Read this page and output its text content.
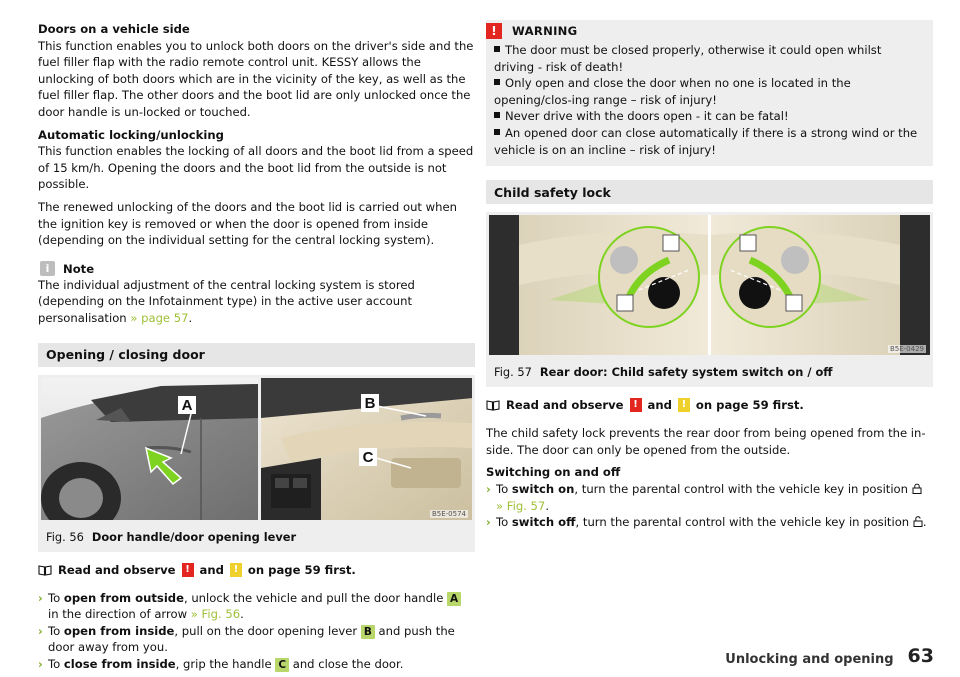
Doors on a vehicle side
This function enables you to unlock both doors on the driver's side and the fuel filler flap with the radio remote control unit. KESSY allows the unlocking of both doors which are in the vicinity of the key, as well as the fuel filler flap. The other doors and the boot lid are only unlocked once the door handle is un-locked or touched.

Automatic locking/unlocking
This function enables the locking of all doors and the boot lid from a speed of 15 km/h. Opening the doors and the boot lid from the outside is not possible.

The renewed unlocking of the doors and the boot lid is carried out when the ignition key is removed or when the door is opened from inside (depending on the individual setting for the central locking system).

i	Note

The individual adjustment of the central locking system is stored (depending on the Infotainment type) in the active user account personalisation » page 57.

Opening / closing door
A	B
C
B5E-0574
Fig. 56 Door handle/door opening lever
Read and observe ! and ! on page 59 first.
› To open from outside, unlock the vehicle and pull the door handle A in the direction of arrow » Fig. 56.
› To open from inside, pull on the door opening lever B and push the door away from you.
› To close from inside, grip the handle C and close the door.
!	WARNING
The door must be closed properly, otherwise it could open whilst driving - risk of death!
Only open and close the door when no one is located in the opening/clos-ing range – risk of injury!
Never drive with the doors open - it can be fatal!
An opened door can close automatically if there is a strong wind or the vehicle is on an incline – risk of injury!
Child safety lock
B5E-0429
Fig. 57 Rear door: Child safety system switch on / off
Read and observe ! and ! on page 59 first.

The child safety lock prevents the rear door from being opened from the in-side. The door can only be opened from the outside.

Switching on and off

› To switch on, turn the parental control with the vehicle key in position
» Fig. 57.
› To switch off, turn the parental control with the vehicle key in position .
Unlocking and opening 63
